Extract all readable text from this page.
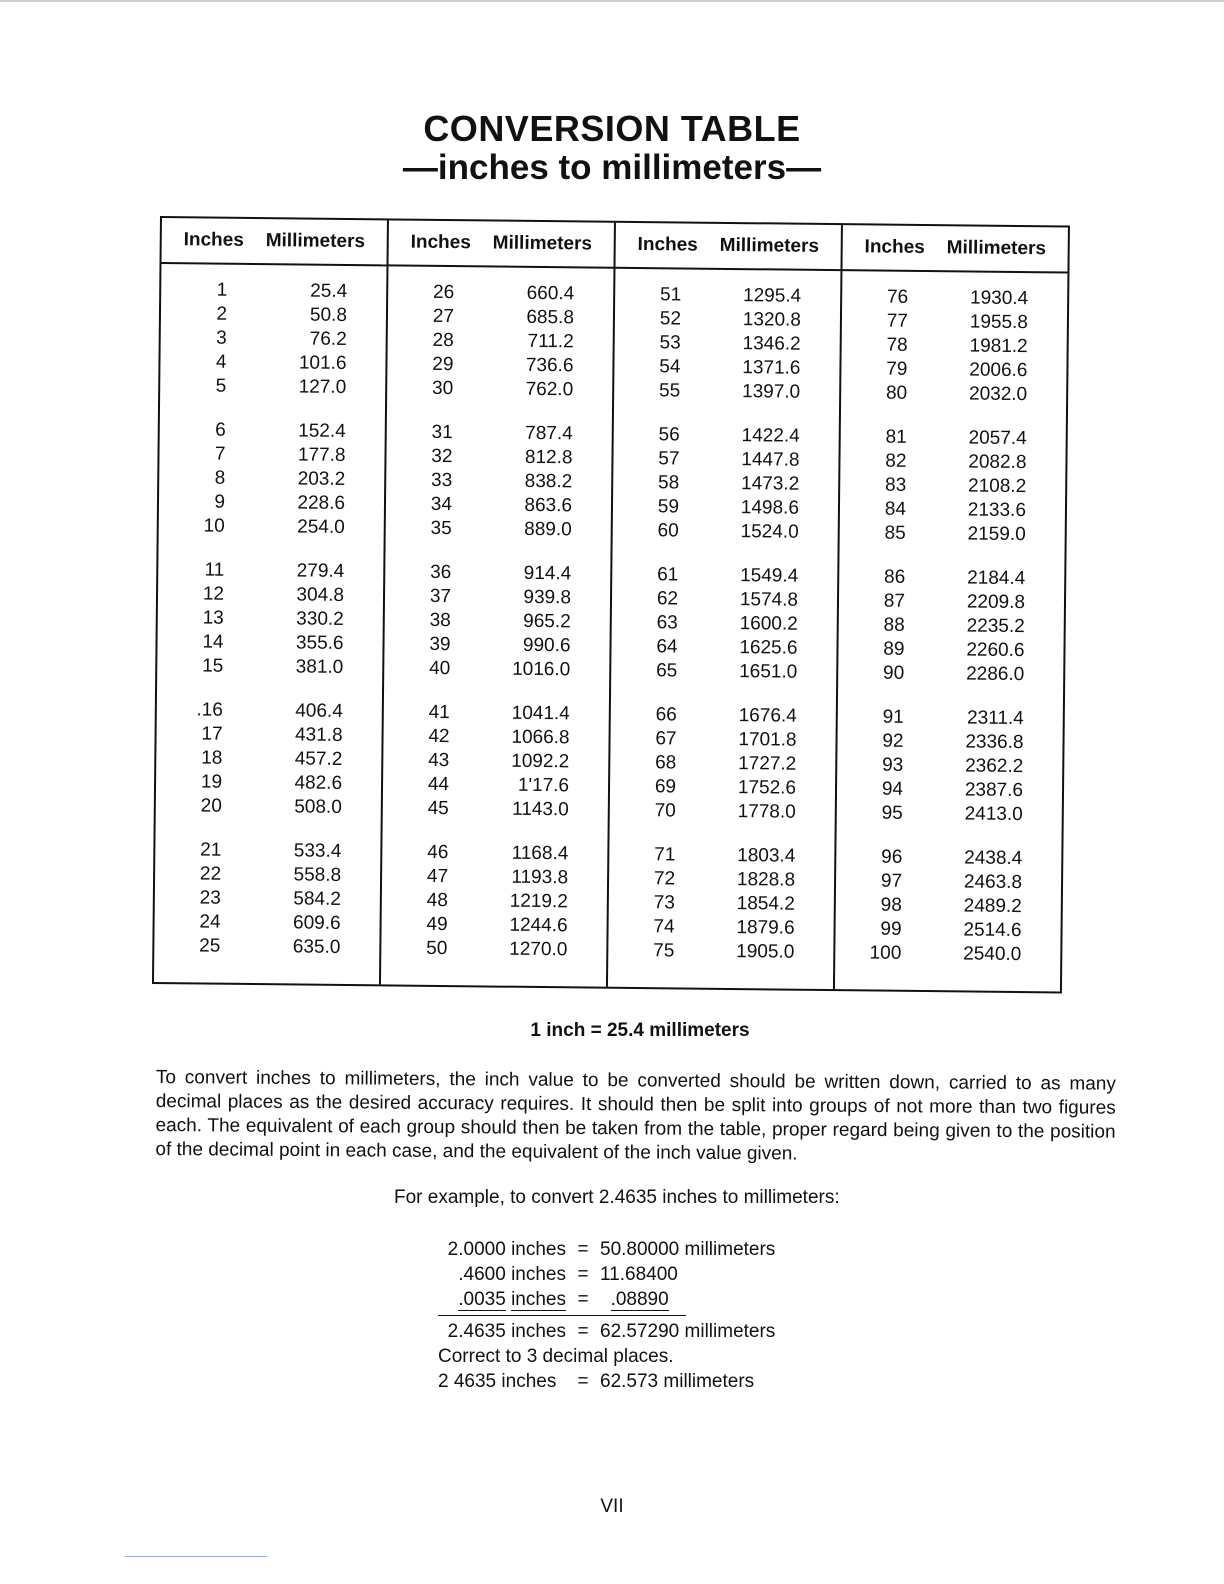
CONVERSION TABLE
—inches to millimeters—
Inches	Millimeters
1	25.4
2	50.8
3	76.2
4	101.6
5	127.0
6	152.4
7	177.8
8	203.2
9	228.6
10	254.0
11	279.4
12	304.8
13	330.2
14	355.6
15	381.0
.16	406.4
17	431.8
18	457.2
19	482.6
20	508.0
21	533.4
22	558.8
23	584.2
24	609.6
25	635.0
Inches	Millimeters
26	660.4
27	685.8
28	711.2
29	736.6
30	762.0
31	787.4
32	812.8
33	838.2
34	863.6
35	889.0
36	914.4
37	939.8
38	965.2
39	990.6
40	1016.0
41	1041.4
42	1066.8
43	1092.2
44	1'17.6
45	1143.0
46	1168.4
47	1193.8
48	1219.2
49	1244.6
50	1270.0
Inches	Millimeters
51	1295.4
52	1320.8
53	1346.2
54	1371.6
55	1397.0
56	1422.4
57	1447.8
58	1473.2
59	1498.6
60	1524.0
61	1549.4
62	1574.8
63	1600.2
64	1625.6
65	1651.0
66	1676.4
67	1701.8
68	1727.2
69	1752.6
70	1778.0
71	1803.4
72	1828.8
73	1854.2
74	1879.6
75	1905.0
Inches	Millimeters
76	1930.4
77	1955.8
78	1981.2
79	2006.6
80	2032.0
81	2057.4
82	2082.8
83	2108.2
84	2133.6
85	2159.0
86	2184.4
87	2209.8
88	2235.2
89	2260.6
90	2286.0
91	2311.4
92	2336.8
93	2362.2
94	2387.6
95	2413.0
96	2438.4
97	2463.8
98	2489.2
99	2514.6
100	2540.0
1 inch = 25.4 millimeters
To convert inches to millimeters, the inch value to be converted should be written down, carried to as many decimal places as the desired accuracy requires. It should then be split into groups of not more than two figures each. The equivalent of each group should then be taken from the table, proper regard being given to the position of the decimal point in each case, and the equivalent of the inch value given.
For example, to convert 2.4635 inches to millimeters:
2.0000 inches = 50.80000 millimeters
.4600 inches = 11.68400
.0035 inches = .08890
2.4635 inches = 62.57290 millimeters
Correct to 3 decimal places.
2 4635 inches = 62.573 millimeters
VII
